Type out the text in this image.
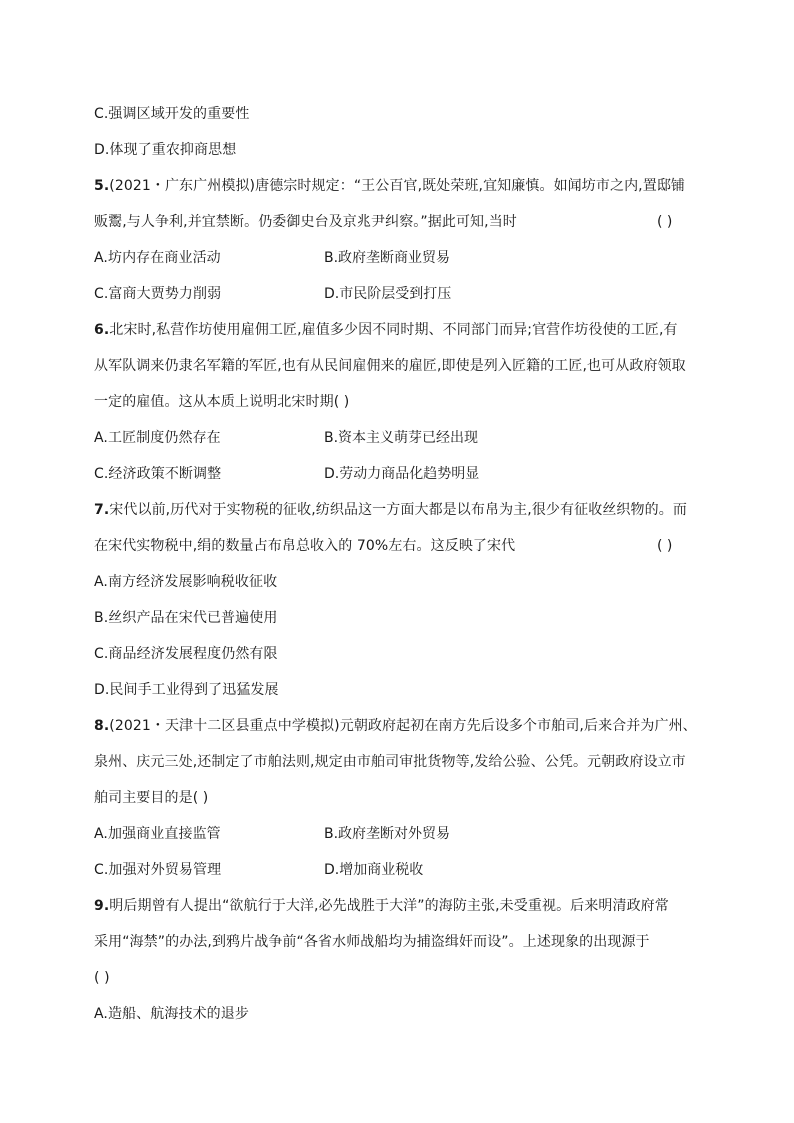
C.强调区域开发的重要性
D.体现了重农抑商思想
5.(2021・广东广州模拟)唐德宗时规定：“王公百官,既处荣班,宜知廉慎。如闻坊市之内,置邸铺
贩鬻,与人争利,并宜禁断。仍委御史台及京兆尹纠察。”据此可知,当时	( )
A.坊内存在商业活动	B.政府垄断商业贸易
C.富商大贾势力削弱	D.市民阶层受到打压
6.北宋时,私营作坊使用雇佣工匠,雇值多少因不同时期、不同部门而异;官营作坊役使的工匠,有
从军队调来仍隶名军籍的军匠,也有从民间雇佣来的雇匠,即使是列入匠籍的工匠,也可从政府领取
一定的雇值。这从本质上说明北宋时期( )
A.工匠制度仍然存在	B.资本主义萌芽已经出现
C.经济政策不断调整	D.劳动力商品化趋势明显
7.宋代以前,历代对于实物税的征收,纺织品这一方面大都是以布帛为主,很少有征收丝织物的。而
在宋代实物税中,绢的数量占布帛总收入的 70%左右。这反映了宋代	( )
A.南方经济发展影响税收征收
B.丝织产品在宋代已普遍使用
C.商品经济发展程度仍然有限
D.民间手工业得到了迅猛发展
8.(2021・天津十二区县重点中学模拟)元朝政府起初在南方先后设多个市舶司,后来合并为广州、
泉州、庆元三处,还制定了市舶法则,规定由市舶司审批货物等,发给公验、公凭。元朝政府设立市
舶司主要目的是( )
A.加强商业直接监管	B.政府垄断对外贸易
C.加强对外贸易管理	D.增加商业税收
9.明后期曾有人提出“欲航行于大洋,必先战胜于大洋”的海防主张,未受重视。后来明清政府常
采用“海禁”的办法,到鸦片战争前“各省水师战船均为捕盗缉奸而设”。上述现象的出现源于
( )
A.造船、航海技术的退步
